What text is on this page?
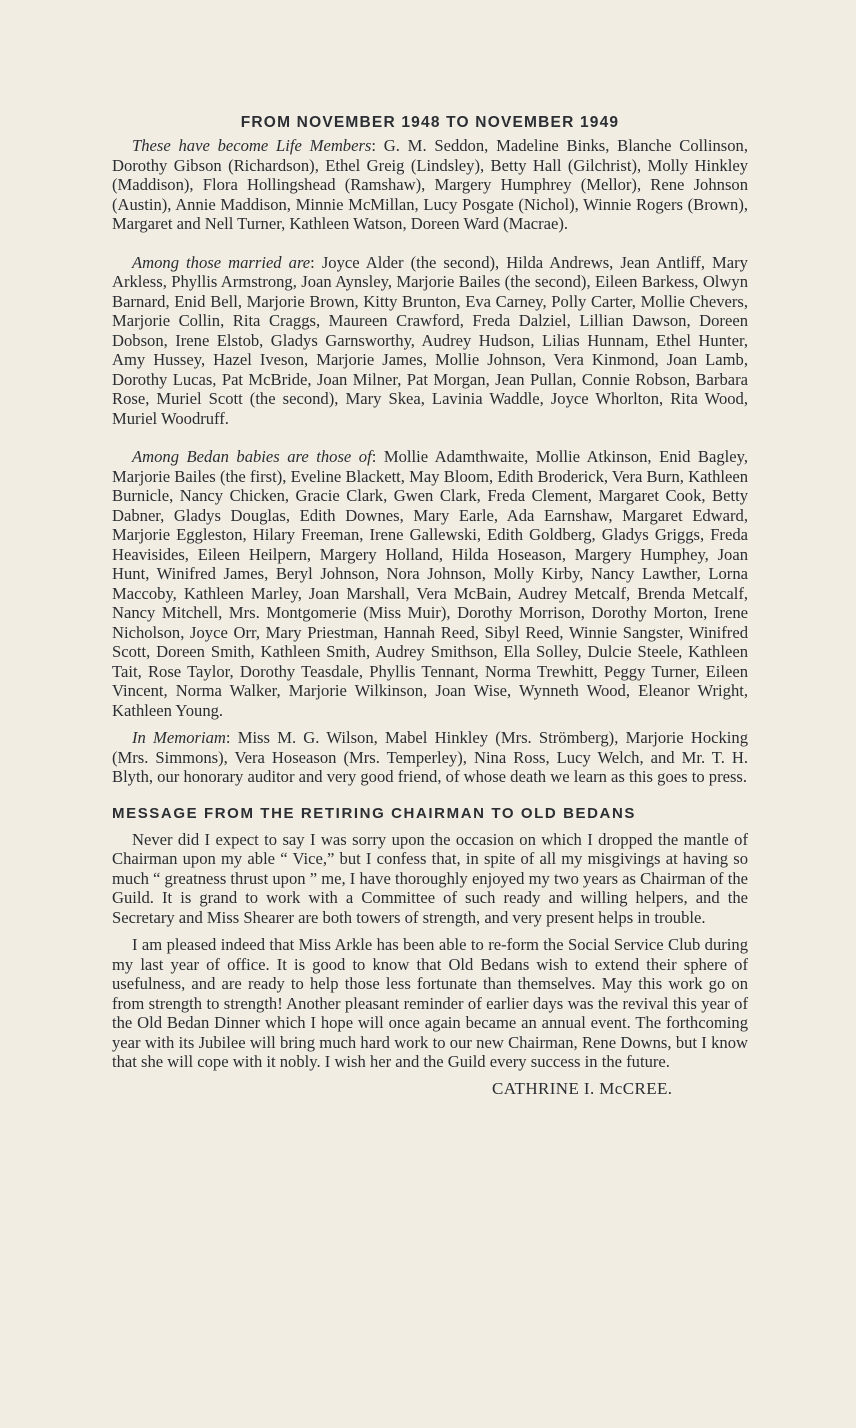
FROM NOVEMBER 1948 TO NOVEMBER 1949

These have become Life Members: G. M. Seddon, Madeline Binks, Blanche Collinson, Dorothy Gibson (Richardson), Ethel Greig (Lindsley), Betty Hall (Gilchrist), Molly Hinkley (Maddison), Flora Hollingshead (Ramshaw), Margery Humphrey (Mellor), Rene Johnson (Austin), Annie Maddison, Minnie McMillan, Lucy Posgate (Nichol), Winnie Rogers (Brown), Margaret and Nell Turner, Kathleen Watson, Doreen Ward (Macrae).

Among those married are: Joyce Alder (the second), Hilda Andrews, Jean Antliff, Mary Arkless, Phyllis Armstrong, Joan Aynsley, Marjorie Bailes (the second), Eileen Barkess, Olwyn Barnard, Enid Bell, Marjorie Brown, Kitty Brunton, Eva Carney, Polly Carter, Mollie Chevers, Marjorie Collin, Rita Craggs, Maureen Crawford, Freda Dalziel, Lillian Dawson, Doreen Dobson, Irene Elstob, Gladys Garnsworthy, Audrey Hudson, Lilias Hunnam, Ethel Hunter, Amy Hussey, Hazel Iveson, Marjorie James, Mollie Johnson, Vera Kinmond, Joan Lamb, Dorothy Lucas, Pat McBride, Joan Milner, Pat Morgan, Jean Pullan, Connie Robson, Barbara Rose, Muriel Scott (the second), Mary Skea, Lavinia Waddle, Joyce Whorlton, Rita Wood, Muriel Woodruff.

Among Bedan babies are those of: Mollie Adamthwaite, Mollie Atkinson, Enid Bagley, Marjorie Bailes (the first), Eveline Blackett, May Bloom, Edith Broderick, Vera Burn, Kathleen Burnicle, Nancy Chicken, Gracie Clark, Gwen Clark, Freda Clement, Margaret Cook, Betty Dabner, Gladys Douglas, Edith Downes, Mary Earle, Ada Earnshaw, Margaret Edward, Marjorie Eggleston, Hilary Freeman, Irene Gallewski, Edith Goldberg, Gladys Griggs, Freda Heavisides, Eileen Heilpern, Margery Holland, Hilda Hoseason, Margery Humphey, Joan Hunt, Winifred James, Beryl Johnson, Nora Johnson, Molly Kirby, Nancy Lawther, Lorna Maccoby, Kathleen Marley, Joan Marshall, Vera McBain, Audrey Metcalf, Brenda Metcalf, Nancy Mitchell, Mrs. Montgomerie (Miss Muir), Dorothy Morrison, Dorothy Morton, Irene Nicholson, Joyce Orr, Mary Priestman, Hannah Reed, Sibyl Reed, Winnie Sangster, Winifred Scott, Doreen Smith, Kathleen Smith, Audrey Smithson, Ella Solley, Dulcie Steele, Kathleen Tait, Rose Taylor, Dorothy Teasdale, Phyllis Tennant, Norma Trewhitt, Peggy Turner, Eileen Vincent, Norma Walker, Marjorie Wilkinson, Joan Wise, Wynneth Wood, Eleanor Wright, Kathleen Young.

In Memoriam: Miss M. G. Wilson, Mabel Hinkley (Mrs. Strömberg), Marjorie Hocking (Mrs. Simmons), Vera Hoseason (Mrs. Temperley), Nina Ross, Lucy Welch, and Mr. T. H. Blyth, our honorary auditor and very good friend, of whose death we learn as this goes to press.

MESSAGE FROM THE RETIRING CHAIRMAN TO OLD BEDANS

Never did I expect to say I was sorry upon the occasion on which I dropped the mantle of Chairman upon my able “ Vice,” but I confess that, in spite of all my misgivings at having so much “ greatness thrust upon ” me, I have thoroughly enjoyed my two years as Chairman of the Guild. It is grand to work with a Committee of such ready and willing helpers, and the Secretary and Miss Shearer are both towers of strength, and very present helps in trouble.

I am pleased indeed that Miss Arkle has been able to re-form the Social Service Club during my last year of office. It is good to know that Old Bedans wish to extend their sphere of usefulness, and are ready to help those less fortunate than themselves. May this work go on from strength to strength! Another pleasant reminder of earlier days was the revival this year of the Old Bedan Dinner which I hope will once again became an annual event. The forthcoming year with its Jubilee will bring much hard work to our new Chairman, Rene Downs, but I know that she will cope with it nobly. I wish her and the Guild every success in the future.

CATHRINE I. McCREE.
